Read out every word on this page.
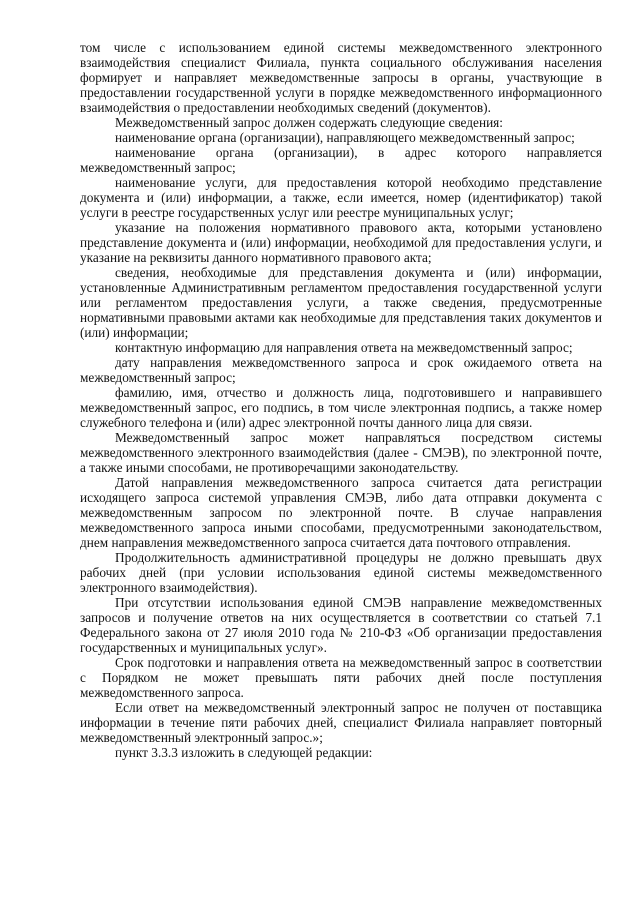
том числе с использованием единой системы межведомственного электронного взаимодействия специалист Филиала, пункта социального обслуживания населения формирует и направляет межведомственные запросы в органы, участвующие в предоставлении государственной услуги в порядке межведомственного информационного взаимодействия о предоставлении необходимых сведений (документов).

Межведомственный запрос должен содержать следующие сведения:

наименование органа (организации), направляющего межведомственный запрос;

наименование органа (организации), в адрес которого направляется межведомственный запрос;

наименование услуги, для предоставления которой необходимо представление документа и (или) информации, а также, если имеется, номер (идентификатор) такой услуги в реестре государственных услуг или реестре муниципальных услуг;

указание на положения нормативного правового акта, которыми установлено представление документа и (или) информации, необходимой для предоставления услуги, и указание на реквизиты данного нормативного правового акта;

сведения, необходимые для представления документа и (или) информации, установленные Административным регламентом предоставления государственной услуги или регламентом предоставления услуги, а также сведения, предусмотренные нормативными правовыми актами как необходимые для представления таких документов и (или) информации;

контактную информацию для направления ответа на межведомственный запрос;

дату направления межведомственного запроса и срок ожидаемого ответа на межведомственный запрос;

фамилию, имя, отчество и должность лица, подготовившего и направившего межведомственный запрос, его подпись, в том числе электронная подпись, а также номер служебного телефона и (или) адрес электронной почты данного лица для связи.

Межведомственный запрос может направляться посредством системы межведомственного электронного взаимодействия (далее - СМЭВ), по электронной почте, а также иными способами, не противоречащими законодательству.

Датой направления межведомственного запроса считается дата регистрации исходящего запроса системой управления СМЭВ, либо дата отправки документа с межведомственным запросом по электронной почте. В случае направления межведомственного запроса иными способами, предусмотренными законодательством, днем направления межведомственного запроса считается дата почтового отправления.

Продолжительность административной процедуры не должно превышать двух рабочих дней (при условии использования единой системы межведомственного электронного взаимодействия).

При отсутствии использования единой СМЭВ направление межведомственных запросов и получение ответов на них осуществляется в соответствии со статьей 7.1 Федерального закона от 27 июля 2010 года № 210-ФЗ «Об организации предоставления государственных и муниципальных услуг».

Срок подготовки и направления ответа на межведомственный запрос в соответствии с Порядком не может превышать пяти рабочих дней после поступления межведомственного запроса.

Если ответ на межведомственный электронный запрос не получен от поставщика информации в течение пяти рабочих дней, специалист Филиала направляет повторный межведомственный электронный запрос.»;

пункт 3.3.3 изложить в следующей редакции:
